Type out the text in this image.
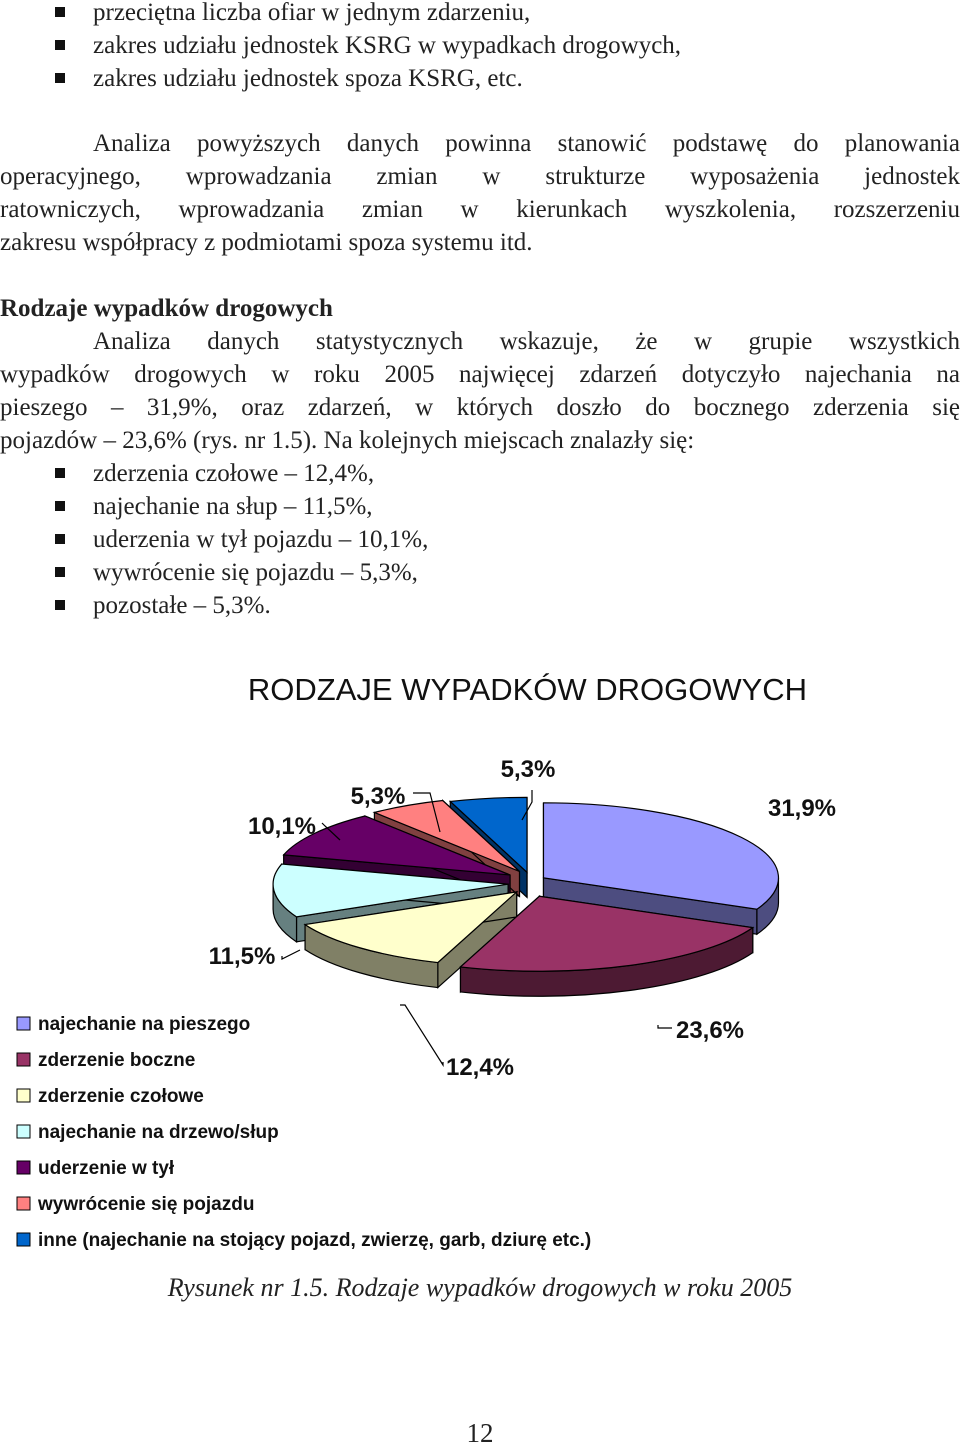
przeciętna liczba ofiar w jednym zdarzeniu,
zakres udziału jednostek KSRG w wypadkach drogowych,
zakres udziału jednostek spoza KSRG, etc.
Analiza powyższych danych powinna stanowić podstawę do planowania
operacyjnego, wprowadzania zmian w strukturze wyposażenia jednostek
ratowniczych, wprowadzania zmian w kierunkach wyszkolenia, rozszerzeniu
zakresu współpracy z podmiotami spoza systemu itd.
Rodzaje wypadków drogowych
Analiza danych statystycznych wskazuje, że w grupie wszystkich
wypadków drogowych w roku 2005 najwięcej zdarzeń dotyczyło najechania na
pieszego – 31,9%, oraz zdarzeń, w których doszło do bocznego zderzenia się
pojazdów – 23,6% (rys. nr 1.5). Na kolejnych miejscach znalazły się:
zderzenia czołowe – 12,4%,
najechanie na słup – 11,5%,
uderzenia w tył pojazdu – 10,1%,
wywrócenie się pojazdu – 5,3%,
pozostałe – 5,3%.
RODZAJE WYPADKÓW DROGOWYCH
31,9%
23,6%
12,4%
11,5%
10,1%
5,3%
5,3%
najechanie na pieszego
zderzenie boczne
zderzenie czołowe
najechanie na drzewo/słup
uderzenie w tył
wywrócenie się pojazdu
inne (najechanie na stojący pojazd, zwierzę, garb, dziurę etc.)
Rysunek nr 1.5. Rodzaje wypadków drogowych w roku 2005
12
